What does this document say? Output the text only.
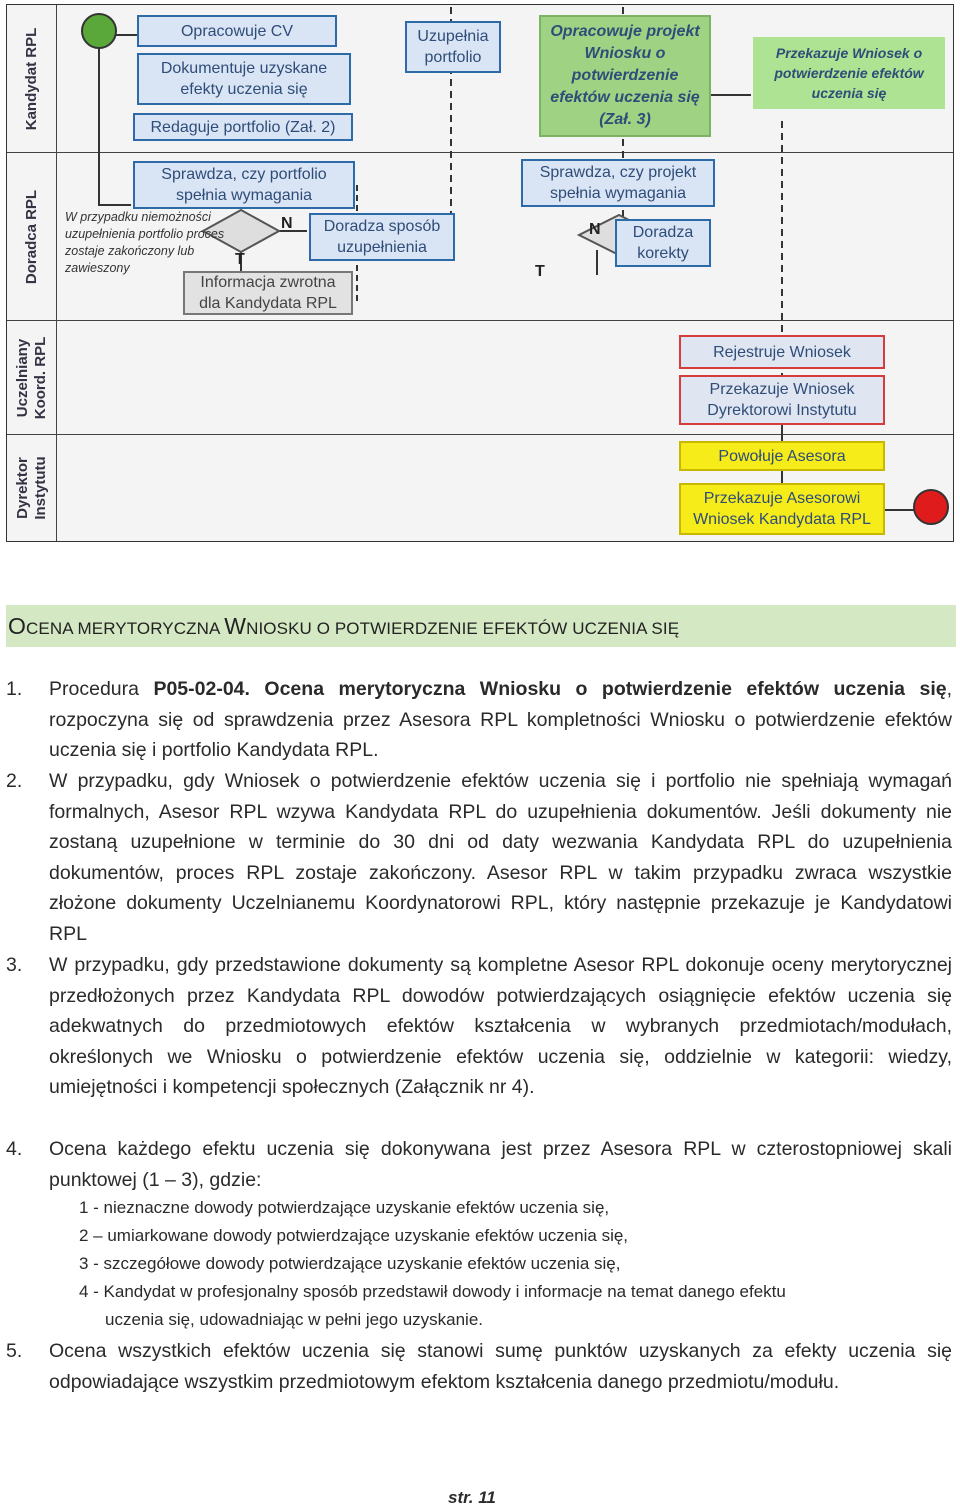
Kandydat RPL
Doradca RPL
Uczelniany
Koord. RPL
Dyrektor
Instytutu
Opracowuje CV
Dokumentuje uzyskane efekty uczenia się
Redaguje portfolio (Zał. 2)
Uzupełnia portfolio
Opracowuje projekt Wniosku o potwierdzenie efektów uczenia się (Zał. 3)
Przekazuje Wniosek o potwierdzenie efektów uczenia się
Sprawdza, czy portfolio spełnia wymagania
Doradza sposób uzupełnienia
Informacja zwrotna dla Kandydata RPL
Sprawdza, czy projekt spełnia wymagania
Doradza korekty
W przypadku niemożności uzupełnienia portfolio proces zostaje zakończony lub zawieszony
N
T
N
T
Rejestruje Wniosek
Przekazuje Wniosek Dyrektorowi Instytutu
Powołuje Asesora
Przekazuje Asesorowi Wniosek Kandydata RPL
OCENA MERYTORYCZNA WNIOSKU O POTWIERDZENIE EFEKTÓW UCZENIA SIĘ
1. Procedura P05-02-04. Ocena merytoryczna Wniosku o potwierdzenie efektów uczenia się, rozpoczyna się od sprawdzenia przez Asesora RPL kompletności Wniosku o potwierdzenie efektów uczenia się i portfolio Kandydata RPL.
2. W przypadku, gdy Wniosek o potwierdzenie efektów uczenia się i portfolio nie spełniają wymagań formalnych, Asesor RPL wzywa Kandydata RPL do uzupełnienia dokumentów. Jeśli dokumenty nie zostaną uzupełnione w terminie do 30 dni od daty wezwania Kandydata RPL do uzupełnienia dokumentów, proces RPL zostaje zakończony. Asesor RPL w takim przypadku zwraca wszystkie złożone dokumenty Uczelnianemu Koordynatorowi RPL, który następnie przekazuje je Kandydatowi RPL
3. W przypadku, gdy przedstawione dokumenty są kompletne Asesor RPL dokonuje oceny merytorycznej przedłożonych przez Kandydata RPL dowodów potwierdzających osiągnięcie efektów uczenia się adekwatnych do przedmiotowych efektów kształcenia w wybranych przedmiotach/modułach, określonych we Wniosku o potwierdzenie efektów uczenia się, oddzielnie w kategorii: wiedzy, umiejętności i kompetencji społecznych (Załącznik nr 4).
4. Ocena każdego efektu uczenia się dokonywana jest przez Asesora RPL w czterostopniowej skali punktowej (1 – 3), gdzie:
1 - nieznaczne dowody potwierdzające uzyskanie efektów uczenia się,
2 – umiarkowane dowody potwierdzające uzyskanie efektów uczenia się,
3 - szczegółowe dowody potwierdzające uzyskanie efektów uczenia się,
4 - Kandydat w profesjonalny sposób przedstawił dowody i informacje na temat danego efektu
uczenia się, udowadniając w pełni jego uzyskanie.
5. Ocena wszystkich efektów uczenia się stanowi sumę punktów uzyskanych za efekty uczenia się odpowiadające wszystkim przedmiotowym efektom kształcenia danego przedmiotu/modułu.
str. 11
